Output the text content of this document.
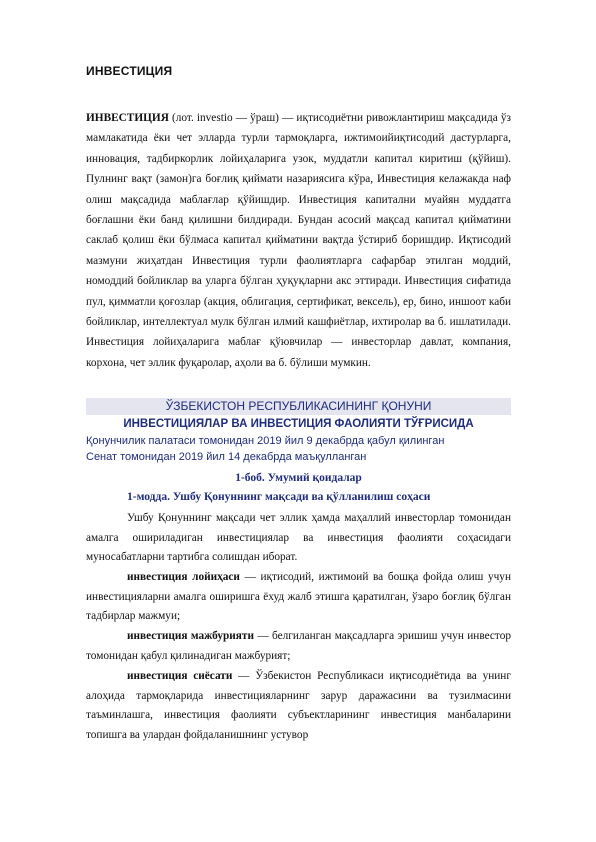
ИНВЕСТИЦИЯ
ИНВЕСТИЦИЯ (лот. investio — ўраш) — иқтисодиётни ривожлантириш мақсадида ўз мамлакатида ёки чет элларда турли тармоқларга, ижтимоийиқтисодий дастурларга, инновация, тадбиркорлик лойиҳаларига узок, муддатли капитал киритиш (қўйиш). Пулнинг вақт (замон)га боғлиқ қиймати назариясига кўра, Инвестиция келажакда наф олиш мақсадида маблағлар қўйишдир. Инвестиция капитални муайян муддатга боғлашни ёки банд қилишни билдиради. Бундан асосий мақсад капитал қийматини саклаб қолиш ёки бўлмаса капитал қийматини вақтда ўстириб боришдир. Иқтисодий мазмуни жиҳатдан Инвестиция турли фаолиятларга сафарбар этилган моддий, номоддий бойликлар ва уларга бўлган ҳуқуқларни акс эттиради. Инвестиция сифатида пул, қимматли қоғозлар (акция, облигация, сертификат, вексель), ер, бино, иншоот каби бойликлар, интеллектуал мулк бўлган илмий кашфиётлар, ихтиролар ва б. ишлатилади. Инвестиция лойиҳаларига маблағ қўювчилар — инвесторлар давлат, компания, корхона, чет эллик фуқаролар, аҳоли ва б. бўлиши мумкин.
ЎЗБЕКИСТОН РЕСПУБЛИКАСИНИНГ ҚОНУНИ
ИНВЕСТИЦИЯЛАР ВА ИНВЕСТИЦИЯ ФАОЛИЯТИ ТЎҒРИСИДА
Қонунчилик палатаси томонидан 2019 йил 9 декабрда қабул қилинган
Сенат томонидан 2019 йил 14 декабрда маъқулланган
1-боб. Умумий қоидалар
1-модда. Ушбу Қонуннинг мақсади ва қўлланилиш соҳаси
Ушбу Қонуннинг мақсади чет эллик ҳамда маҳаллий инвесторлар томонидан амалга ошириладиган инвестициялар ва инвестиция фаолияти соҳасидаги муносабатларни тартибга солишдан иборат.
инвестиция лойиҳаси — иқтисодий, ижтимоий ва бошқа фойда олиш учун инвестицияларни амалга оширишга ёхуд жалб этишга қаратилган, ўзаро боғлиқ бўлган тадбирлар мажмуи;
инвестиция мажбурияти — белгиланган мақсадларга эришиш учун инвестор томонидан қабул қилинадиган мажбурият;
инвестиция сиёсати — Ўзбекистон Республикаси иқтисодиётида ва унинг алоҳида тармоқларида инвестицияларнинг зарур даражасини ва тузилмасини таъминлашга, инвестиция фаолияти субъектларининг инвестиция манбаларини топишга ва улардан фойдаланишнинг устувор
